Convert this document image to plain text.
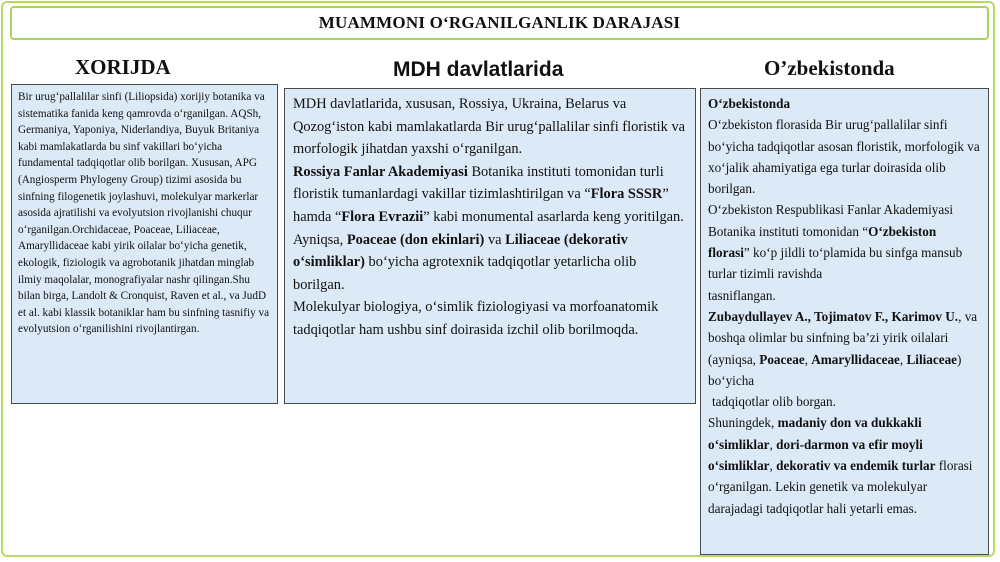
MUAMMONI O‘RGANILGANLIK DARAJASI
XORIJDA	MDH davlatlarida	O’zbekistonda

Bir urug‘pallalilar sinfi (Liliopsida) xorijiy botanika va sistematika fanida keng qamrovda o‘rganilgan. AQSh, Germaniya, Yaponiya, Niderlandiya, Buyuk Britaniya kabi mamlakatlarda bu sinf vakillari bo‘yicha fundamental tadqiqotlar olib borilgan. Xususan, APG (Angiosperm Phylogeny Group) tizimi asosida bu sinfning filogenetik joylashuvi, molekulyar markerlar asosida ajratilishi va evolyutsion rivojlanishi chuqur o‘rganilgan.Orchidaceae, Poaceae, Liliaceae, Amaryllidaceae kabi yirik oilalar bo‘yicha genetik, ekologik, fiziologik va agrobotanik jihatdan minglab ilmiy maqolalar, monografiyalar nashr qilingan.Shu bilan birga, Landolt & Cronquist, Raven et al., va JudD et al. kabi klassik botaniklar ham bu sinfning tasnifiy va evolyutsion o‘rganilishini rivojlantirgan.

MDH davlatlarida, xususan, Rossiya, Ukraina, Belarus va Qozog‘iston kabi mamlakatlarda Bir urug‘pallalilar sinfi floristik va morfologik jihatdan yaxshi o‘rganilgan.

Rossiya Fanlar Akademiyasi Botanika instituti tomonidan turli floristik tumanlardagi vakillar tizimlashtirilgan va “Flora SSSR” hamda “Flora Evrazii” kabi monumental asarlarda keng yoritilgan.

Ayniqsa, Poaceae (don ekinlari) va Liliaceae (dekorativ o‘simliklar) bo‘yicha agrotexnik tadqiqotlar yetarlicha olib borilgan.

Molekulyar biologiya, o‘simlik fiziologiyasi va morfoanatomik tadqiqotlar ham ushbu sinf doirasida izchil olib borilmoqda.

O‘zbekistonda

O‘zbekiston florasida Bir urug‘pallalilar sinfi bo‘yicha tadqiqotlar asosan floristik, morfologik va xo‘jalik ahamiyatiga ega turlar doirasida olib borilgan.

O‘zbekiston Respublikasi Fanlar Akademiyasi Botanika instituti tomonidan “O‘zbekiston florasi” ko‘p jildli to‘plamida bu sinfga mansub turlar tizimli ravishda

tasniflangan.

Zubaydullayev A., Tojimatov F., Karimov U., va boshqa olimlar bu sinfning ba’zi yirik oilalari (ayniqsa, Poaceae, Amaryllidaceae, Liliaceae) bo‘yicha

tadqiqotlar olib borgan.

Shuningdek, madaniy don va dukkakli o‘simliklar, dori-darmon va efir moyli o‘simliklar, dekorativ va endemik turlar florasi o‘rganilgan. Lekin genetik va molekulyar darajadagi tadqiqotlar hali yetarli emas.
